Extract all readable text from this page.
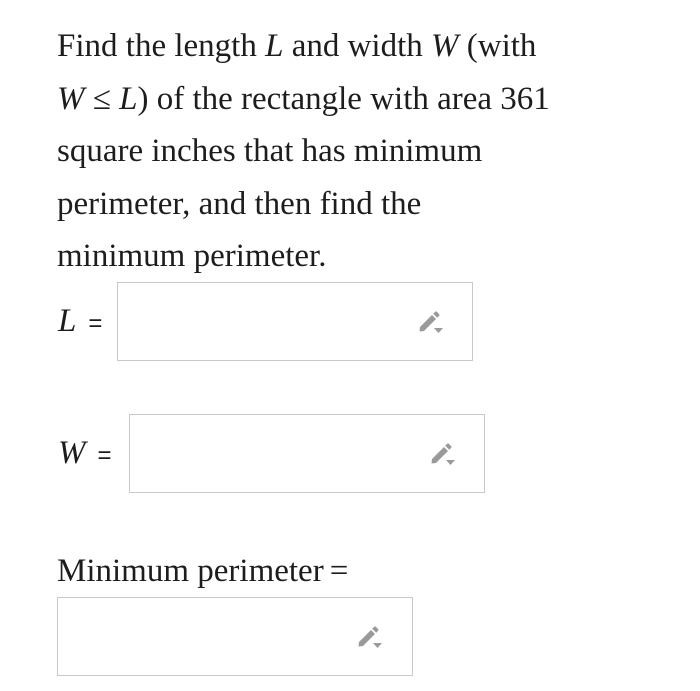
Find the length L and width W (with
W ≤ L) of the rectangle with area 361
square inches that has minimum
perimeter, and then find the
minimum perimeter.
L =
W =
Minimum perimeter =
